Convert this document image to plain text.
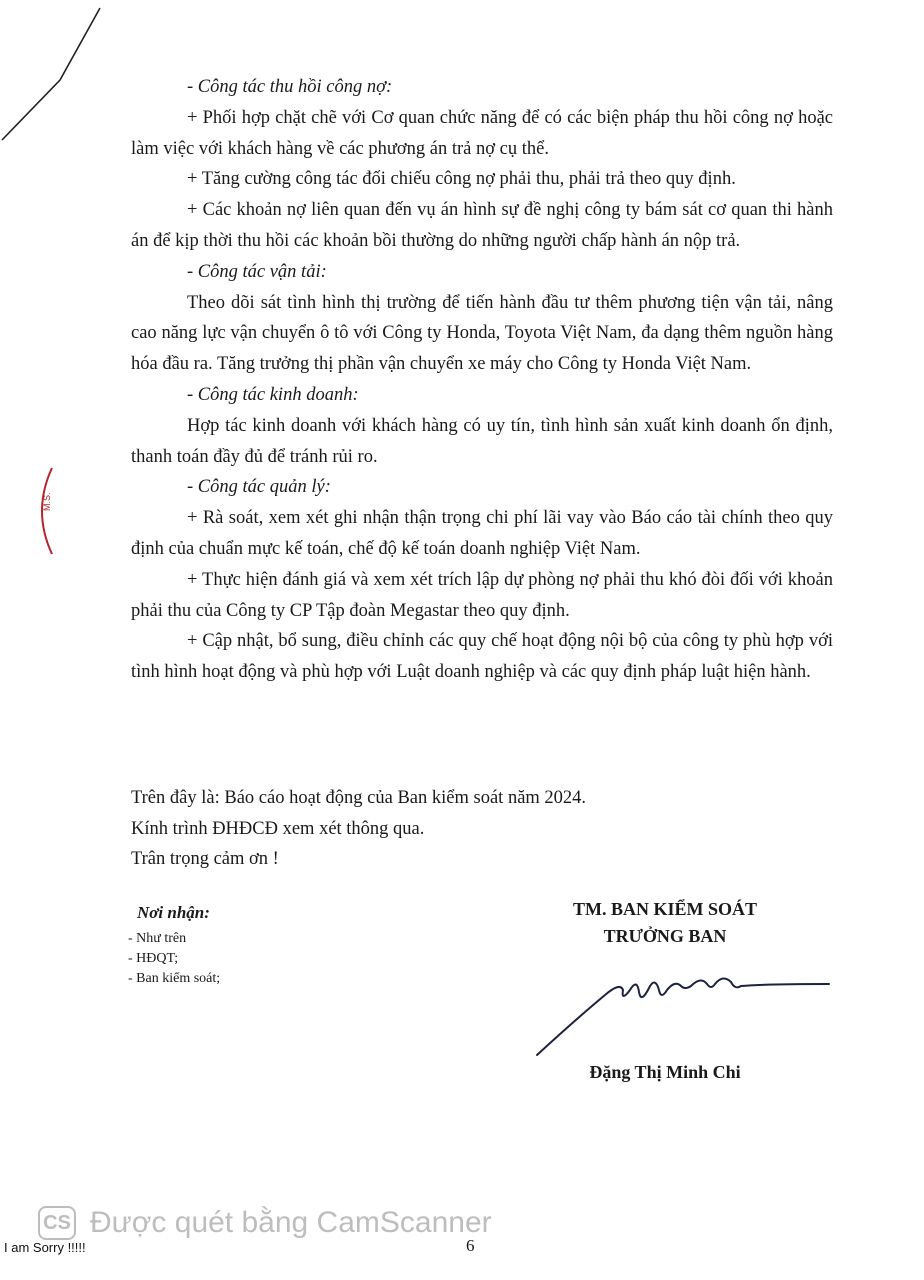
M.S.

- Công tác thu hồi công nợ:

+ Phối hợp chặt chẽ với Cơ quan chức năng để có các biện pháp thu hồi công nợ hoặc làm việc với khách hàng về các phương án trả nợ cụ thể.

+ Tăng cường công tác đối chiếu công nợ phải thu, phải trả theo quy định.

+ Các khoản nợ liên quan đến vụ án hình sự đề nghị công ty bám sát cơ quan thi hành án để kịp thời thu hồi các khoản bồi thường do những người chấp hành án nộp trả.

- Công tác vận tải:

Theo dõi sát tình hình thị trường để tiến hành đầu tư thêm phương tiện vận tải, nâng cao năng lực vận chuyển ô tô với Công ty Honda, Toyota Việt Nam, đa dạng thêm nguồn hàng hóa đầu ra. Tăng trưởng thị phần vận chuyển xe máy cho Công ty Honda Việt Nam.

- Công tác kinh doanh:

Hợp tác kinh doanh với khách hàng có uy tín, tình hình sản xuất kinh doanh ổn định, thanh toán đầy đủ để tránh rủi ro.

- Công tác quản lý:

+ Rà soát, xem xét ghi nhận thận trọng chi phí lãi vay vào Báo cáo tài chính theo quy định của chuẩn mực kế toán, chế độ kế toán doanh nghiệp Việt Nam.

+ Thực hiện đánh giá và xem xét trích lập dự phòng nợ phải thu khó đòi đối với khoản phải thu của Công ty CP Tập đoàn Megastar theo quy định.

+ Cập nhật, bổ sung, điều chỉnh các quy chế hoạt động nội bộ của công ty phù hợp với tình hình hoạt động và phù hợp với Luật doanh nghiệp và các quy định pháp luật hiện hành.

Trên đây là: Báo cáo hoạt động của Ban kiểm soát năm 2024.

Kính trình ĐHĐCĐ xem xét thông qua.

Trân trọng cảm ơn !

Nơi nhận:

- Như trên

- HĐQT;

- Ban kiểm soát;

TM. BAN KIỂM SOÁT
TRƯỞNG BAN
Đặng Thị Minh Chi
CS Được quét bằng CamScanner
I am Sorry !!!!!	6
